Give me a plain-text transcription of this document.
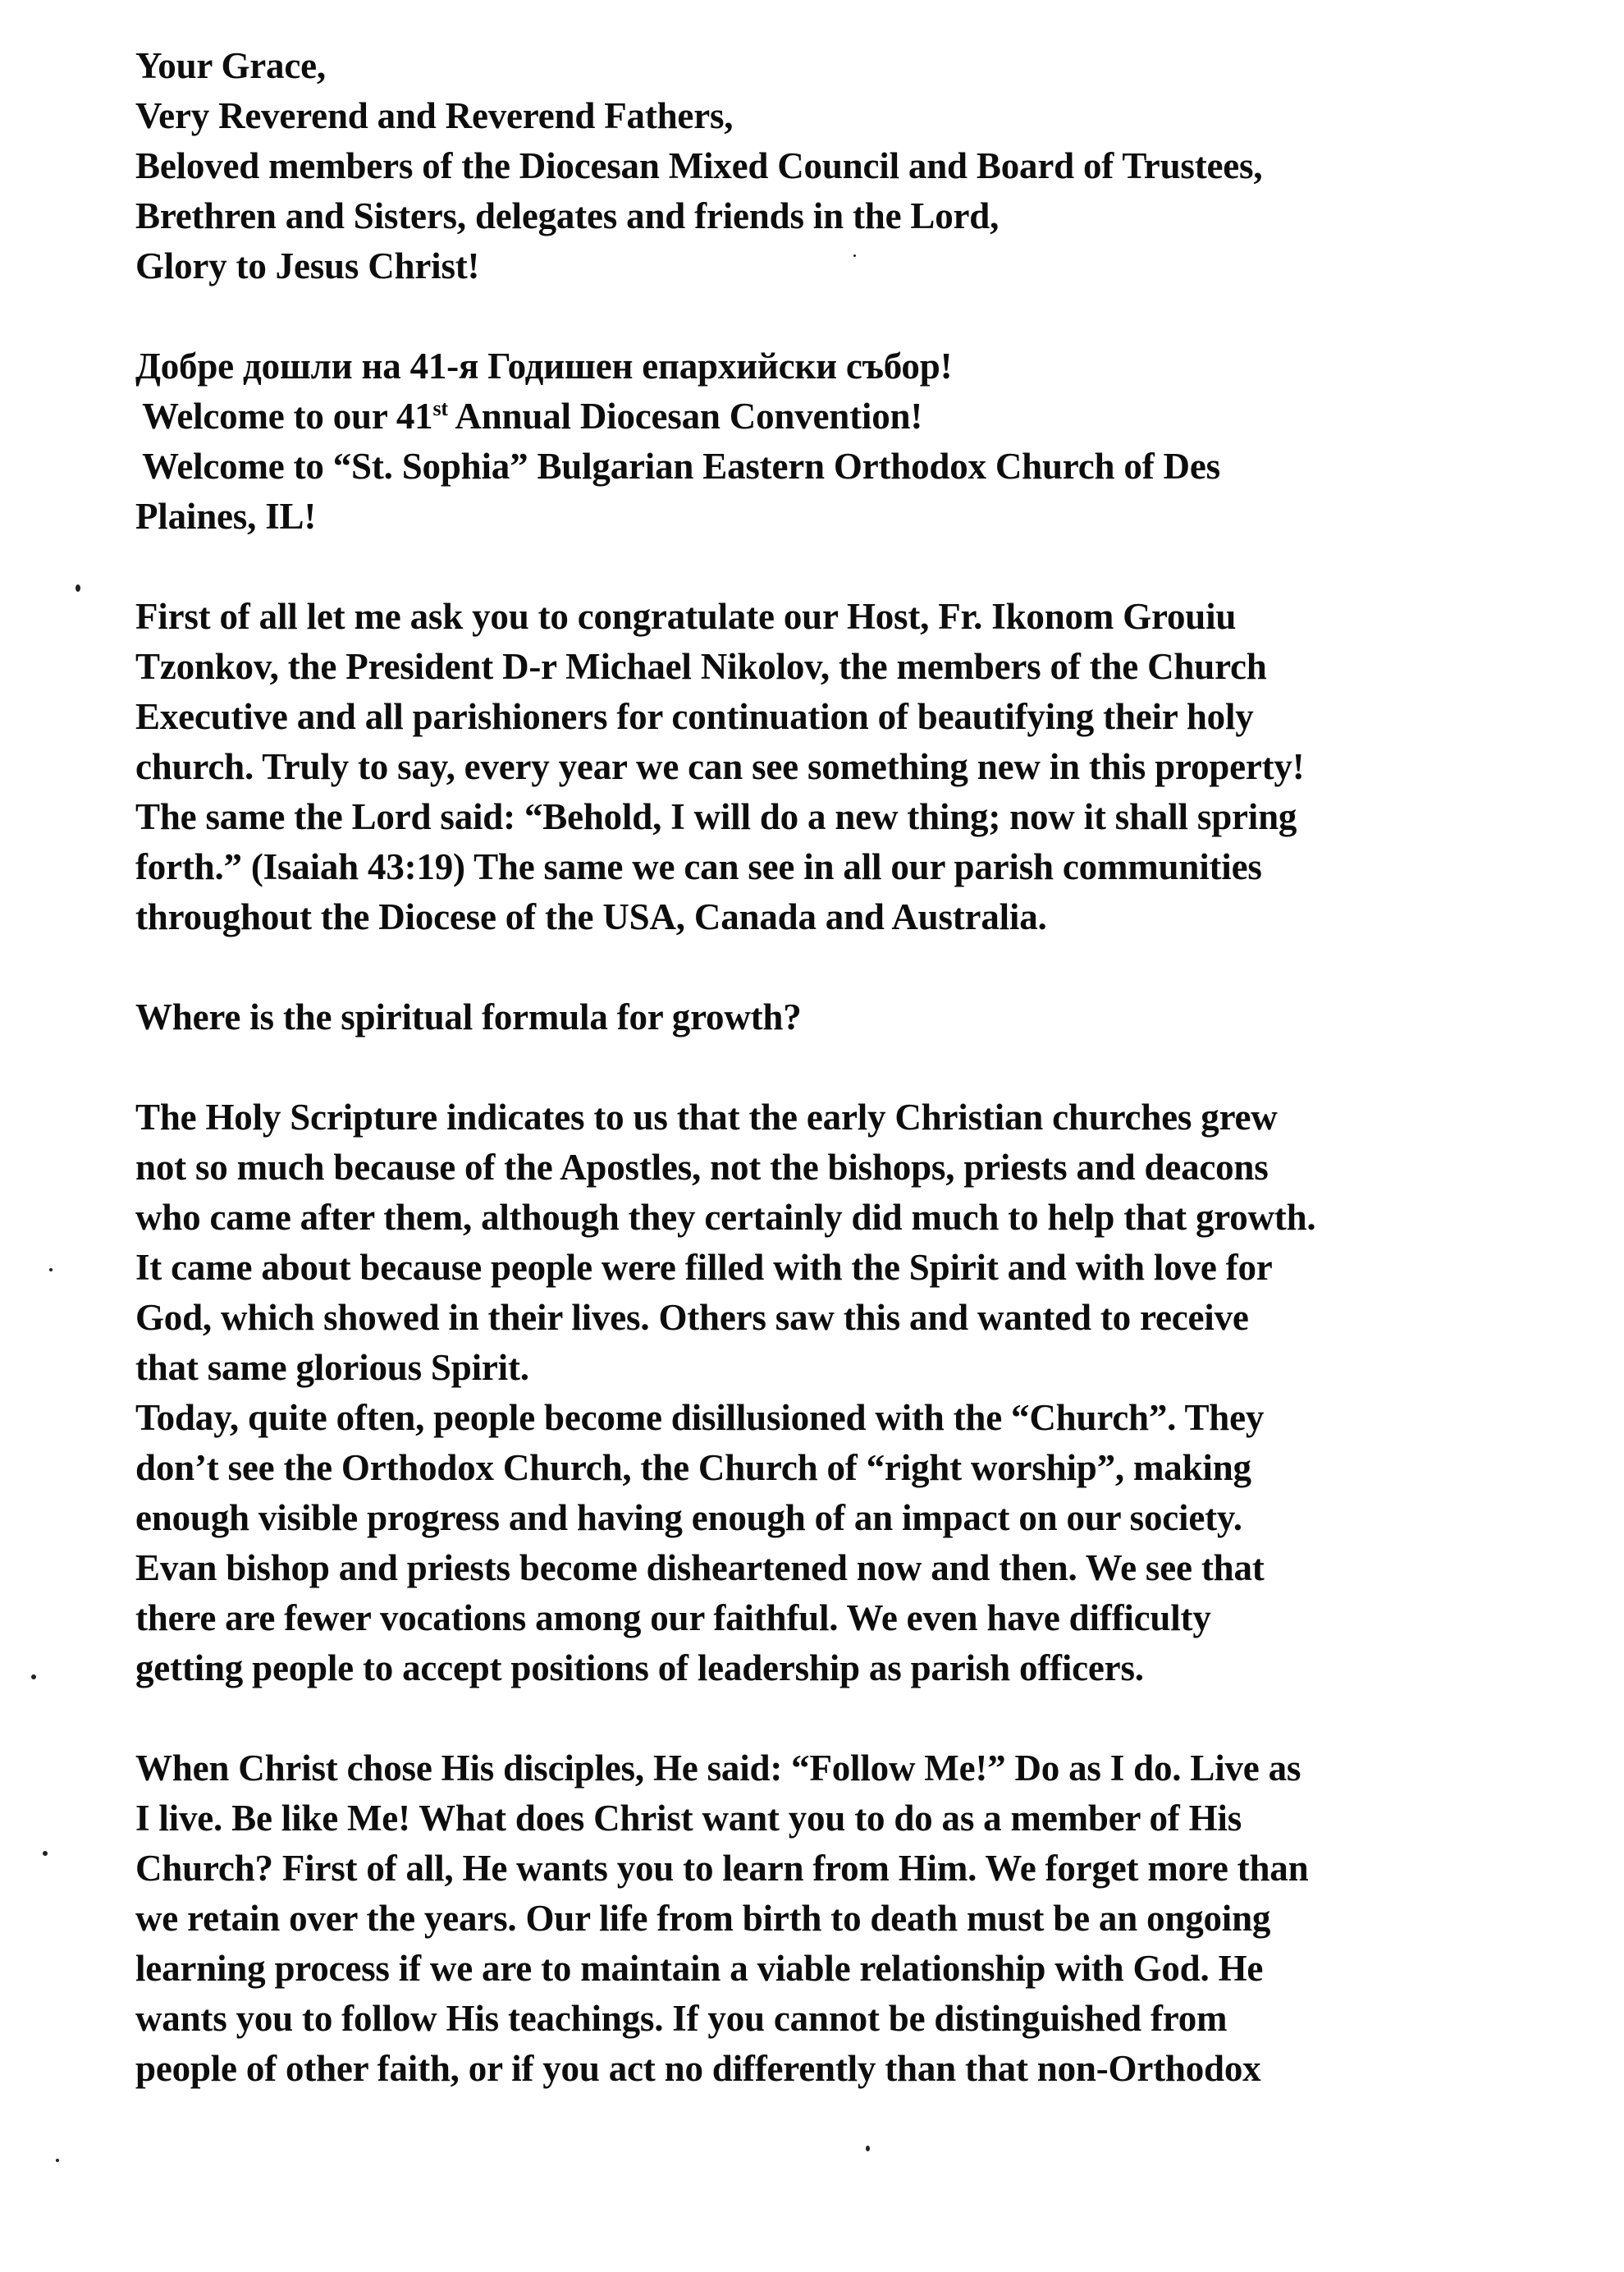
Your Grace,
Very Reverend and Reverend Fathers,
Beloved members of the Diocesan Mixed Council and Board of Trustees,
Brethren and Sisters, delegates and friends in the Lord,
Glory to Jesus Christ!
Добре дошли на 41-я Годишен епархийски събор!
Welcome to our 41st Annual Diocesan Convention!
Welcome to “St. Sophia” Bulgarian Eastern Orthodox Church of Des
Plaines, IL!
First of all let me ask you to congratulate our Host, Fr. Ikonom Grouiu
Tzonkov, the President D-r Michael Nikolov, the members of the Church
Executive and all parishioners for continuation of beautifying their holy
church. Truly to say, every year we can see something new in this property!
The same the Lord said: “Behold, I will do a new thing; now it shall spring
forth.” (Isaiah 43:19) The same we can see in all our parish communities
throughout the Diocese of the USA, Canada and Australia.
Where is the spiritual formula for growth?
The Holy Scripture indicates to us that the early Christian churches grew
not so much because of the Apostles, not the bishops, priests and deacons
who came after them, although they certainly did much to help that growth.
It came about because people were filled with the Spirit and with love for
God, which showed in their lives. Others saw this and wanted to receive
that same glorious Spirit.
Today, quite often, people become disillusioned with the “Church”. They
don’t see the Orthodox Church, the Church of “right worship”, making
enough visible progress and having enough of an impact on our society.
Evan bishop and priests become disheartened now and then. We see that
there are fewer vocations among our faithful. We even have difficulty
getting people to accept positions of leadership as parish officers.
When Christ chose His disciples, He said: “Follow Me!” Do as I do. Live as
I live. Be like Me! What does Christ want you to do as a member of His
Church? First of all, He wants you to learn from Him. We forget more than
we retain over the years. Our life from birth to death must be an ongoing
learning process if we are to maintain a viable relationship with God. He
wants you to follow His teachings. If you cannot be distinguished from
people of other faith, or if you act no differently than that non-Orthodox
